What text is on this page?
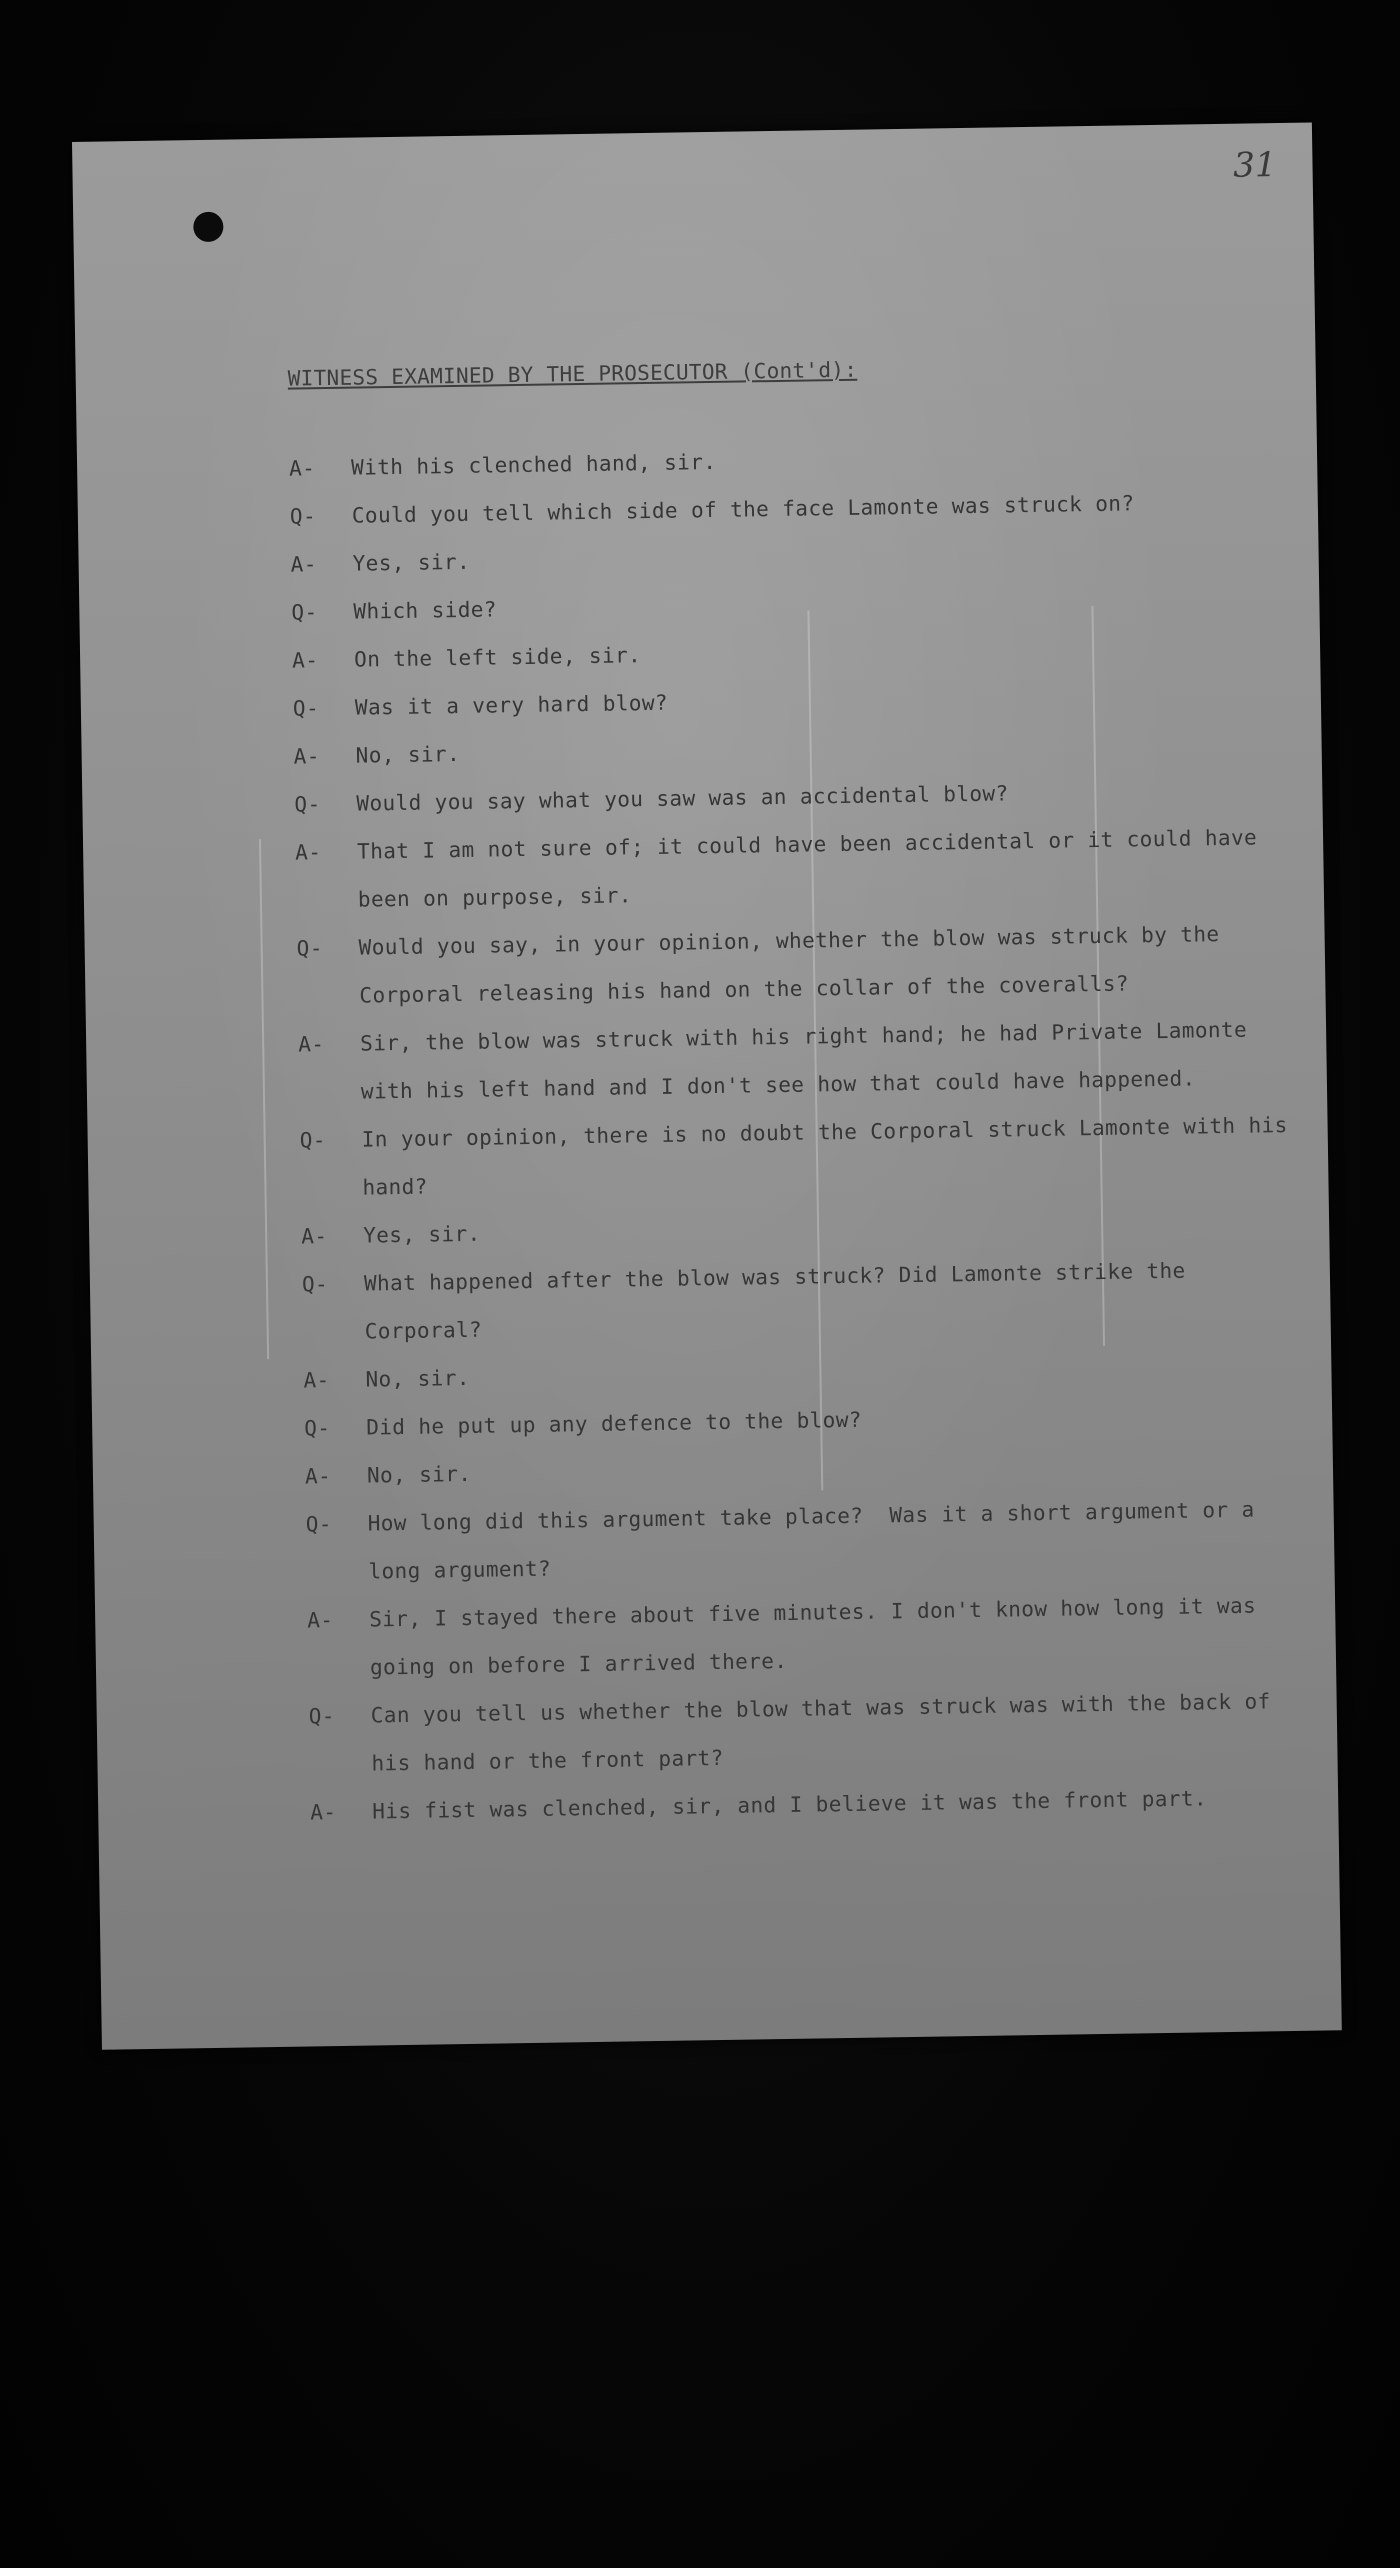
31
WITNESS EXAMINED BY THE PROSECUTOR (Cont'd):
A- With his clenched hand, sir.
Q- Could you tell which side of the face Lamonte was struck on?
A- Yes, sir.
Q- Which side?
A- On the left side, sir.
Q- Was it a very hard blow?
A- No, sir.
Q- Would you say what you saw was an accidental blow?
A- That I am not sure of; it could have been accidental or it could have been on purpose, sir.
Q- Would you say, in your opinion, whether the blow was struck by the Corporal releasing his hand on the collar of the coveralls?
A- Sir, the blow was struck with his right hand; he had Private Lamonte with his left hand and I don't see how that could have happened.
Q- In your opinion, there is no doubt the Corporal struck Lamonte with his hand?
A- Yes, sir.
Q- What happened after the blow was struck? Did Lamonte strike the Corporal?
A- No, sir.
Q- Did he put up any defence to the blow?
A- No, sir.
Q- How long did this argument take place?  Was it a short argument or a long argument?
A- Sir, I stayed there about five minutes. I don't know how long it was going on before I arrived there.
Q- Can you tell us whether the blow that was struck was with the back of his hand or the front part?
A- His fist was clenched, sir, and I believe it was the front part.
